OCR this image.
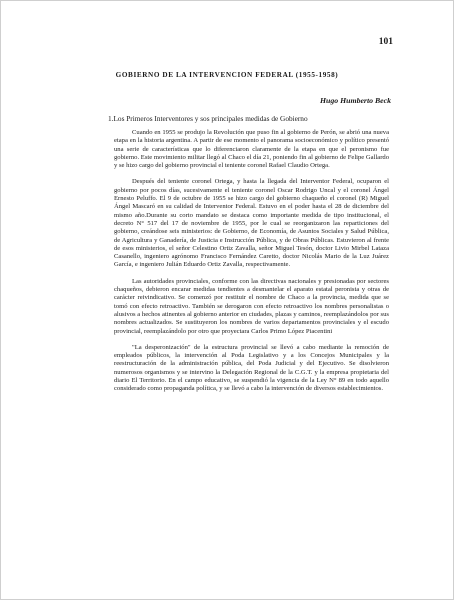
101
GOBIERNO DE LA INTERVENCION FEDERAL (1955-1958)
Hugo Humberto Beck
1.Los Primeros Interventores y sos principales medidas de Gobierno

Cuando en 1955 se produjo la Revolución que puso fin al gobierno de Perón, se abrió una nueva etapa en la historia argentina. A partir de ese momento el panorama socioeconómico y político presentó una serie de características que lo diferenciaron claramente de la etapa en que el peronismo fue gobierno. Este movimiento militar llegó al Chaco el día 21, poniendo fin al gobierno de Felipe Gallardo y se hizo cargo del gobierno provincial el teniente coronel Rafael Claudio Ortega.

Después del teniente coronel Ortega, y hasta la llegada del Interventor Federal, ocuparon el gobierno por pocos días, sucesivamente el teniente coronel Oscar Rodrigo Uncal y el coronel Ángel Ernesto Peluffo. El 9 de octubre de 1955 se hizo cargo del gobierno chaqueño el coronel (R) Miguel Ángel Mascaró en su calidad de Interventor Federal. Estuvo en el poder hasta el 28 de diciembre del mismo año.Durante su corto mandato se destaca como importante medida de tipo institucional, el decreto N° 517 del 17 de noviembre de 1955, por le cual se reorganizaron las reparticiones del gobierno, creándose seis ministerios: de Gobierno, de Economía, de Asuntos Sociales y Salud Pública, de Agricultura y Ganadería, de Justicia e Instrucción Pública, y de Obras Públicas. Estuvieron al frente de esos ministerios, el señor Celestino Ortiz Zavalla, señor Miguel Tesón, doctor Livio Mirbel Lataza Casanello, ingeniero agrónomo Francisco Fernández Caretto, doctor Nicolás Mario de la Luz Juárez García, e ingeniero Julián Eduardo Ortiz Zavalla, respectivamente.

Las autoridades provinciales, conforme con las directivas nacionales y presionadas por sectores chaqueños, debieron encarar medidas tendientes a desmantelar el aparato estatal peronista y otras de carácter reivindicativo. Se comenzó por restituir el nombre de Chaco a la provincia, medida que se tomó con efecto retroactivo. También se derogaron con efecto retroactivo los nombres personalistas o alusivos a hechos atinentes al gobierno anterior en ciudades, plazas y caminos, reemplazándolos por sus nombres actualizados. Se sustituyeron los nombres de varios departamentos provinciales y el escudo provincial, reemplazándolo por otro que proyectara Carlos Primo López Piacentini

"La desperonización" de la estructura provincial se llevó a cabo mediante la remoción de empleados públicos, la intervención al Poda Legislativo y a los Concejos Municipales y la reestructuración de la administración pública, del Poda Judicial y del Ejecutivo. Se disolvieron numerosos organismos y se intervino la Delegación Regional de la C.G.T. y la empresa propietaria del diario El Territorio. En el campo educativo, se suspendió la vigencia de la Ley N° 89 en todo aquello considerado como propaganda política, y se llevó a cabo la intervención de diversos establecimientos.
